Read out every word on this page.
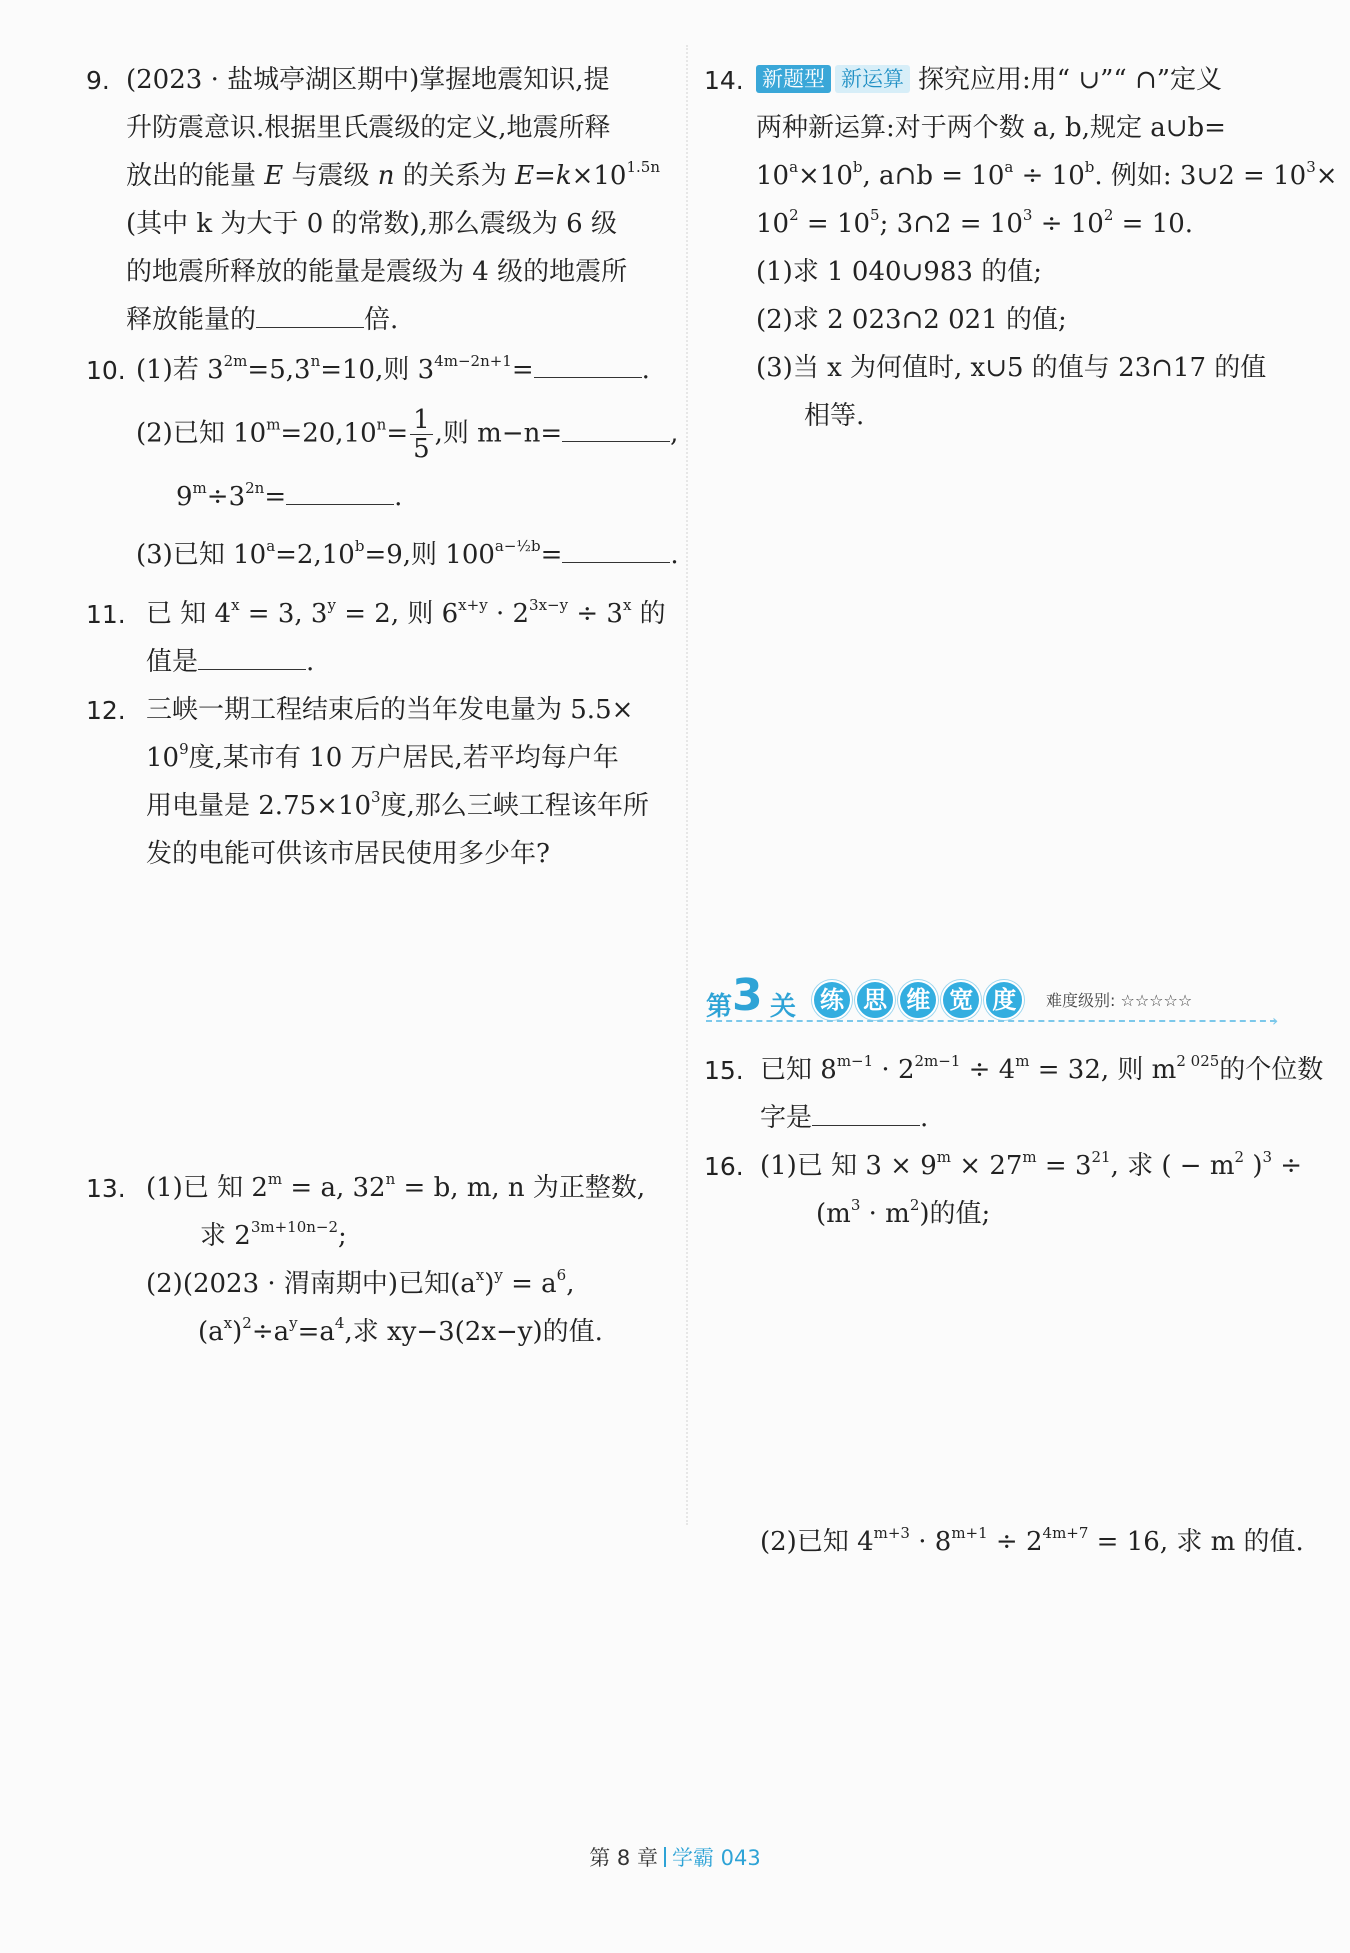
9. (2023 · 盐城亭湖区期中)掌握地震知识,提
升防震意识.根据里氏震级的定义,地震所释
放出的能量 E 与震级 n 的关系为 $E=k\times 10^{1.5n}$
(其中 k 为大于 0 的常数),那么震级为 6 级
的地震所释放的能量是震级为 4 级的地震所
释放能量的	倍.
10. (1)若 $3^{2m}=5,3^n=10$,则 $3^{4m-2n+1}=$	.
(2)已知 $10^m=20,10^n= \frac{1}{5}$ ,则 m−n=	,
$9^m\div 3^{2n}=$	.
(3)已知 $10^a=2,10^b=9$,则 $100^{a-\frac{1}{2}b}=$	.
11. 已 知 $4^x = 3$, $3^y = 2$, 则 $6^{x+y} \cdot 2^{3x-y} \div 3^x$ 的
值是	.
12. 三峡一期工程结束后的当年发电量为 5.5×
$10^9$度,某市有 10 万户居民,若平均每户年
用电量是 $2.75\times 10^3$度,那么三峡工程该年所
发的电能可供该市居民使用多少年?
13. (1)已 知 $2^m = a$, $32^n = b$, m, n 为正整数,
求 $2^{3m+10n-2}$;
(2)(2023 · 渭南期中)已知$(a^x)^y = a^6$,
$(a^x)^2\div a^y=a^4$,求 xy−3(2x−y)的值.
14. 新题型 新运算 探究应用:用“ ∪”“ ∩”定义
两种新运算:对于两个数 a, b,规定 a∪b=
$10^a\times 10^b$, a∩b = $10^a \div 10^b$. 例如: 3∪2 = $10^3\times$
$10^2 = 10^5$; 3∩2 = $10^3 \div 10^2 = 10$.
(1)求 1 040∪983 的值;
(2)求 2 023∩2 021 的值;
(3)当 x 为何值时, x∪5 的值与 23∩17 的值
相等.
第 3 关 练 思 维 宽 度	难度级别: ☆☆☆☆☆
›
15. 已知 $8^{m-1} \cdot 2^{2m-1} \div 4^m = 32$, 则 $m^{2 025}$的个位数
字是	.
16. (1)已 知 $3 \times 9^m \times 27^m = 3^{21}$, 求 ( − $m^2$ )$^3$ ÷
$(m^3 \cdot m^2)$的值;
(2)已知 $4^{m+3} \cdot 8^{m+1} \div 2^{4m+7} = 16$, 求 m 的值.
第 8 章 学霸 043
